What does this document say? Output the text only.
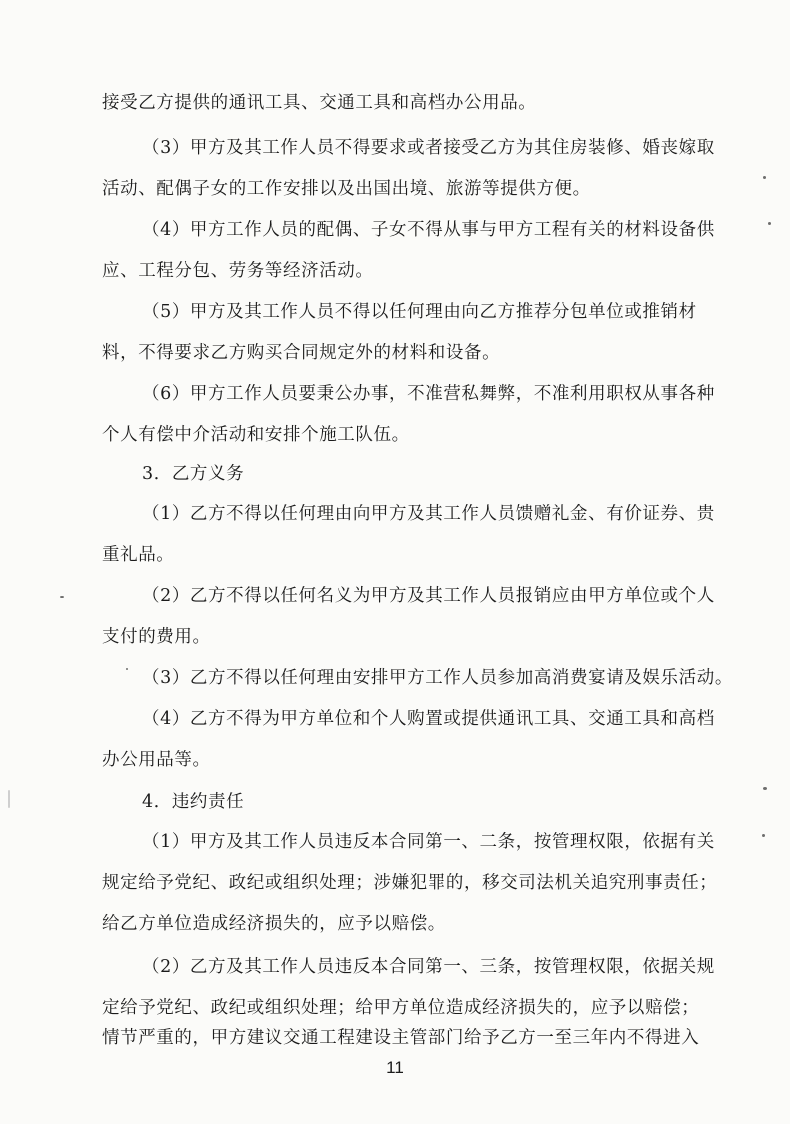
接受乙方提供的通讯工具、交通工具和高档办公用品。
（3）甲方及其工作人员不得要求或者接受乙方为其住房装修、婚丧嫁取
活动、配偶子女的工作安排以及出国出境、旅游等提供方便。
（4）甲方工作人员的配偶、子女不得从事与甲方工程有关的材料设备供
应、工程分包、劳务等经济活动。
（5）甲方及其工作人员不得以任何理由向乙方推荐分包单位或推销材
料，不得要求乙方购买合同规定外的材料和设备。
（6）甲方工作人员要秉公办事，不准营私舞弊，不准利用职权从事各种
个人有偿中介活动和安排个施工队伍。
3．乙方义务
（1）乙方不得以任何理由向甲方及其工作人员馈赠礼金、有价证券、贵
重礼品。
（2）乙方不得以任何名义为甲方及其工作人员报销应由甲方单位或个人
支付的费用。
（3）乙方不得以任何理由安排甲方工作人员参加高消费宴请及娱乐活动。
（4）乙方不得为甲方单位和个人购置或提供通讯工具、交通工具和高档
办公用品等。
4．违约责任
（1）甲方及其工作人员违反本合同第一、二条，按管理权限，依据有关
规定给予党纪、政纪或组织处理；涉嫌犯罪的，移交司法机关追究刑事责任；
给乙方单位造成经济损失的，应予以赔偿。
（2）乙方及其工作人员违反本合同第一、三条，按管理权限，依据关规
定给予党纪、政纪或组织处理；给甲方单位造成经济损失的，应予以赔偿；
情节严重的，甲方建议交通工程建设主管部门给予乙方一至三年内不得进入
11
